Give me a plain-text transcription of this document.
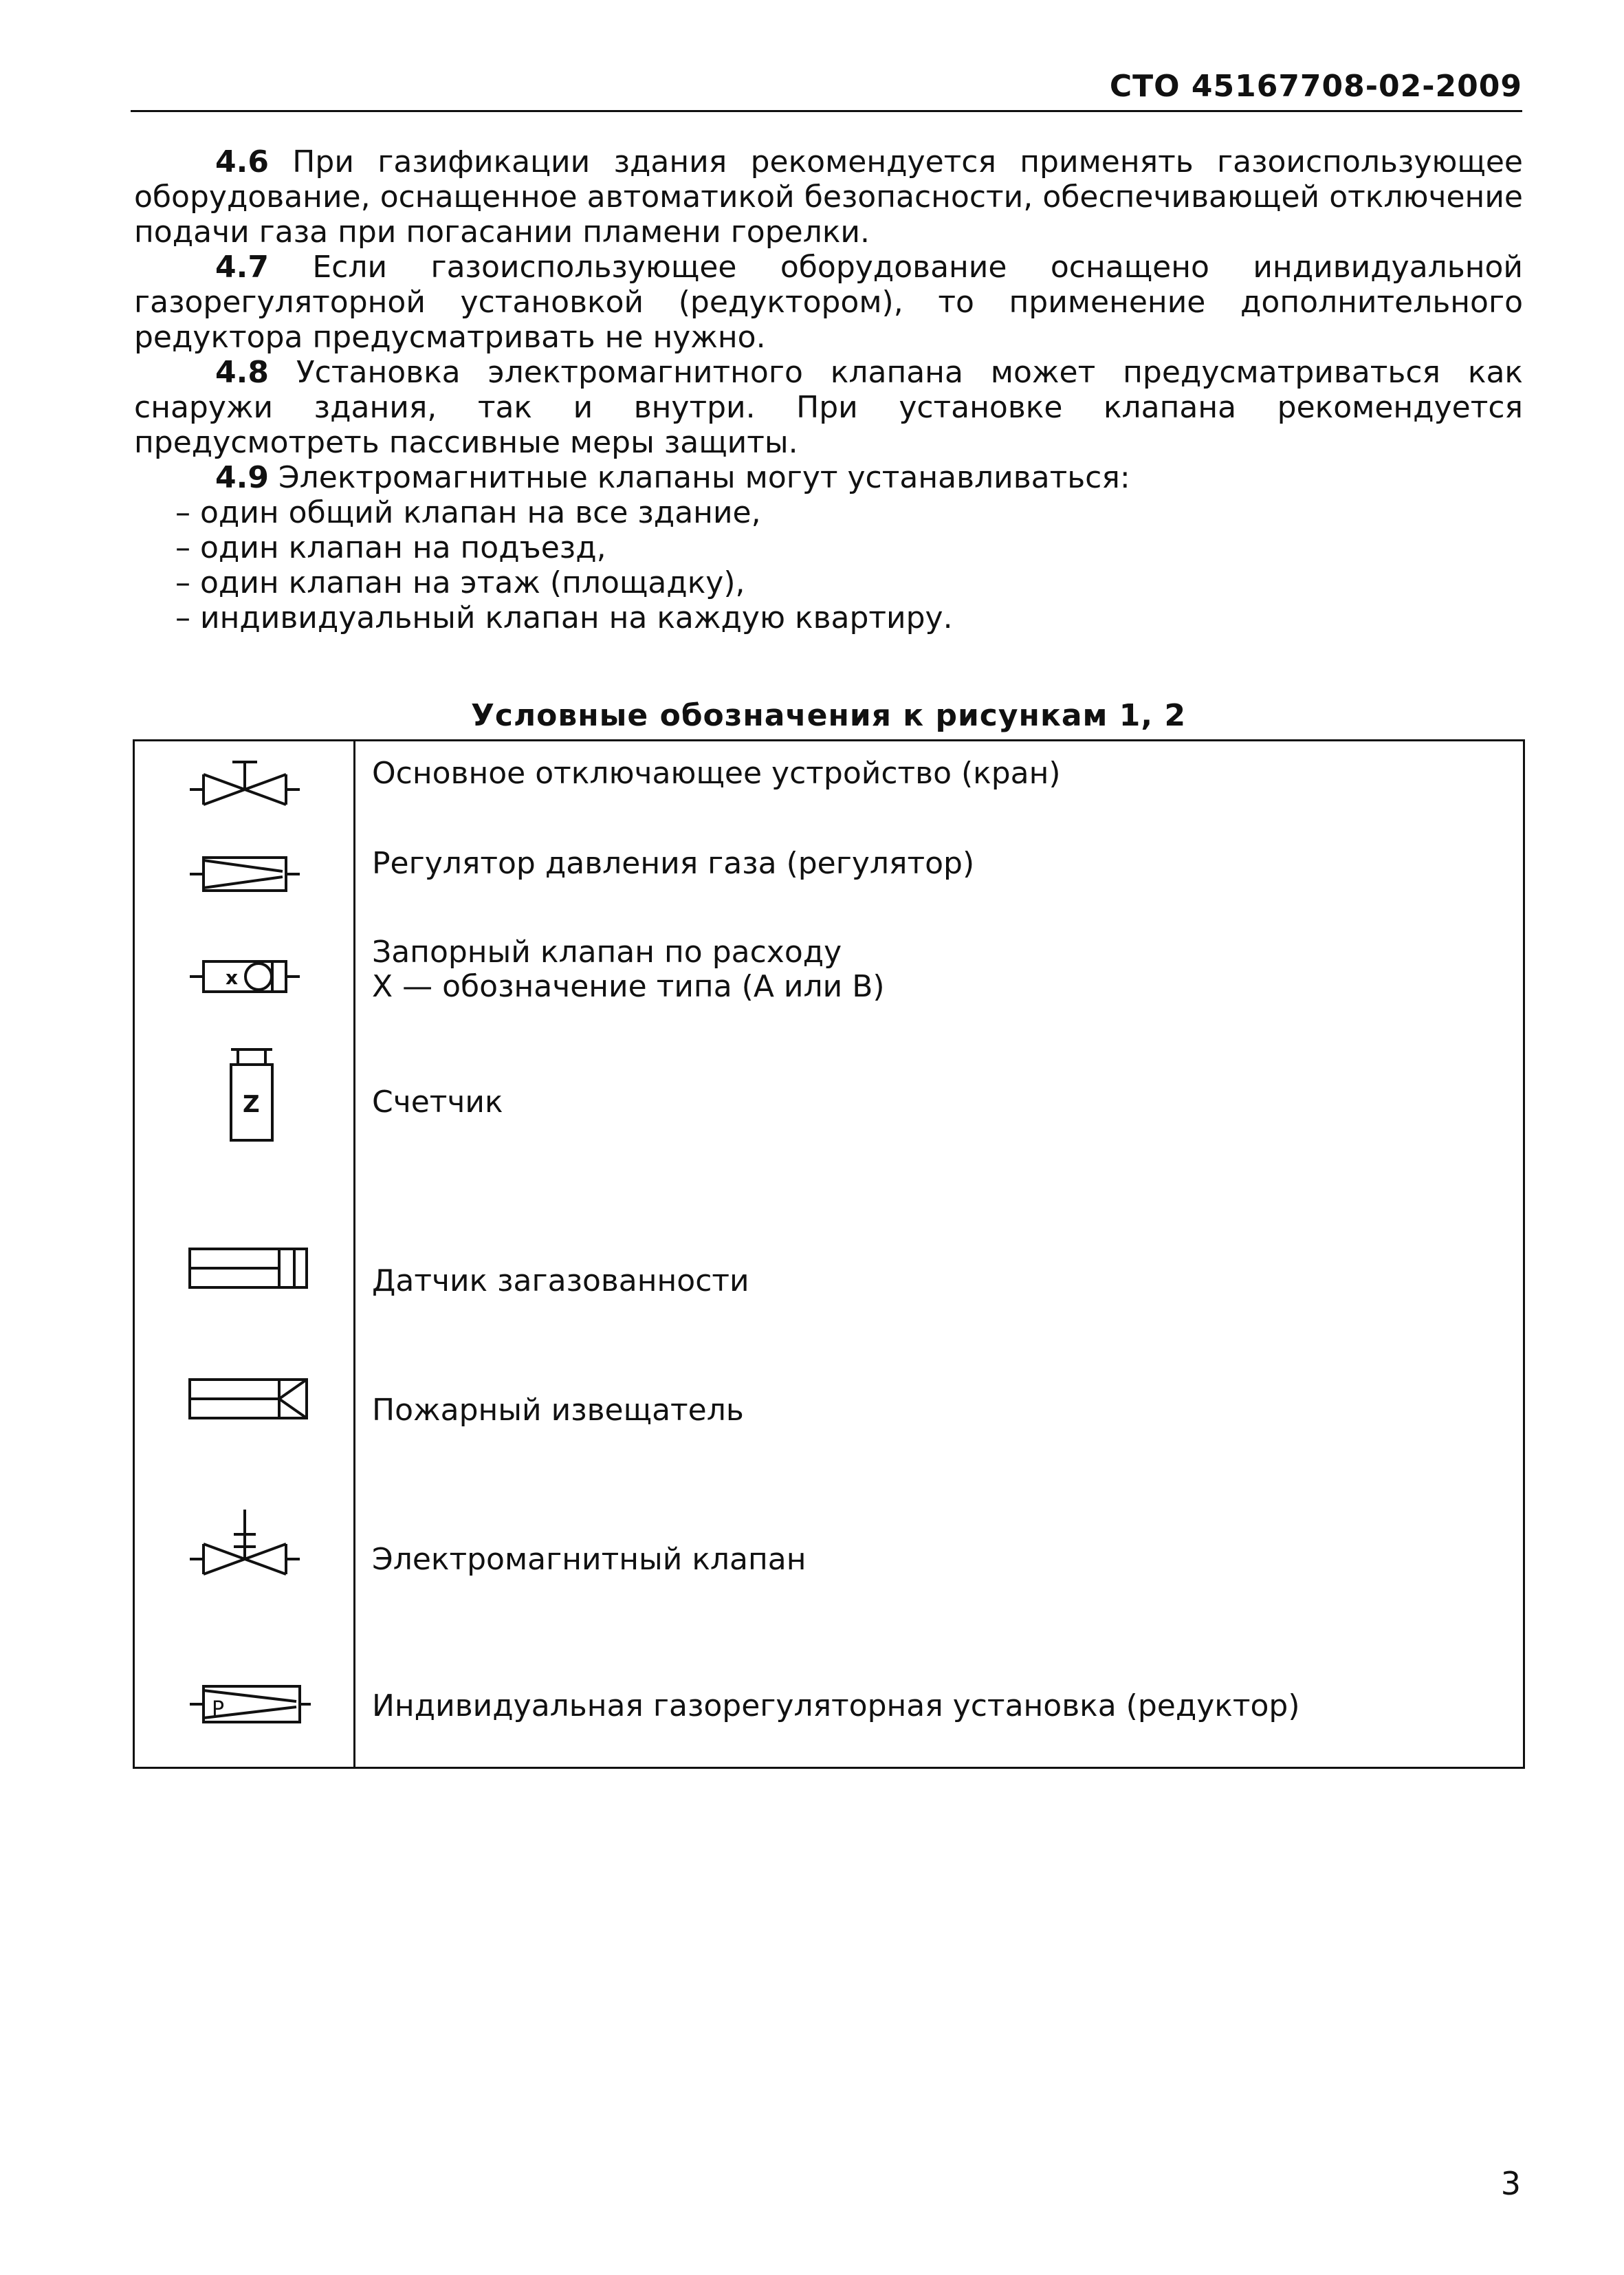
СТО 45167708-02-2009

4.6 При газификации здания рекомендуется применять газоиспользующее оборудование, оснащенное автоматикой безопасности, обеспечивающей отключение подачи газа при погасании пламени горелки.

4.7 Если газоиспользующее оборудование оснащено индивидуальной газорегуляторной установкой (редуктором), то применение дополнительного редуктора предусматривать не нужно.

4.8 Установка электромагнитного клапана может предусматриваться как снаружи здания, так и внутри. При установке клапана рекомендуется предусмотреть пассивные меры защиты.

4.9 Электромагнитные клапаны могут устанавливаться:

– один общий клапан на все здание,

– один клапан на подъезд,

– один клапан на этаж (площадку),

– индивидуальный клапан на каждую квартиру.

Условные обозначения к рисункам 1, 2
Основное отключающее устройство (кран)
Регулятор давления газа (регулятор)
x
Запорный клапан по расходу
Х — обозначение типа (А или В)
Z	Счетчик
Датчик загазованности
Пожарный извещатель
Электромагнитный клапан
P	Индивидуальная газорегуляторная установка (редуктор)
3
